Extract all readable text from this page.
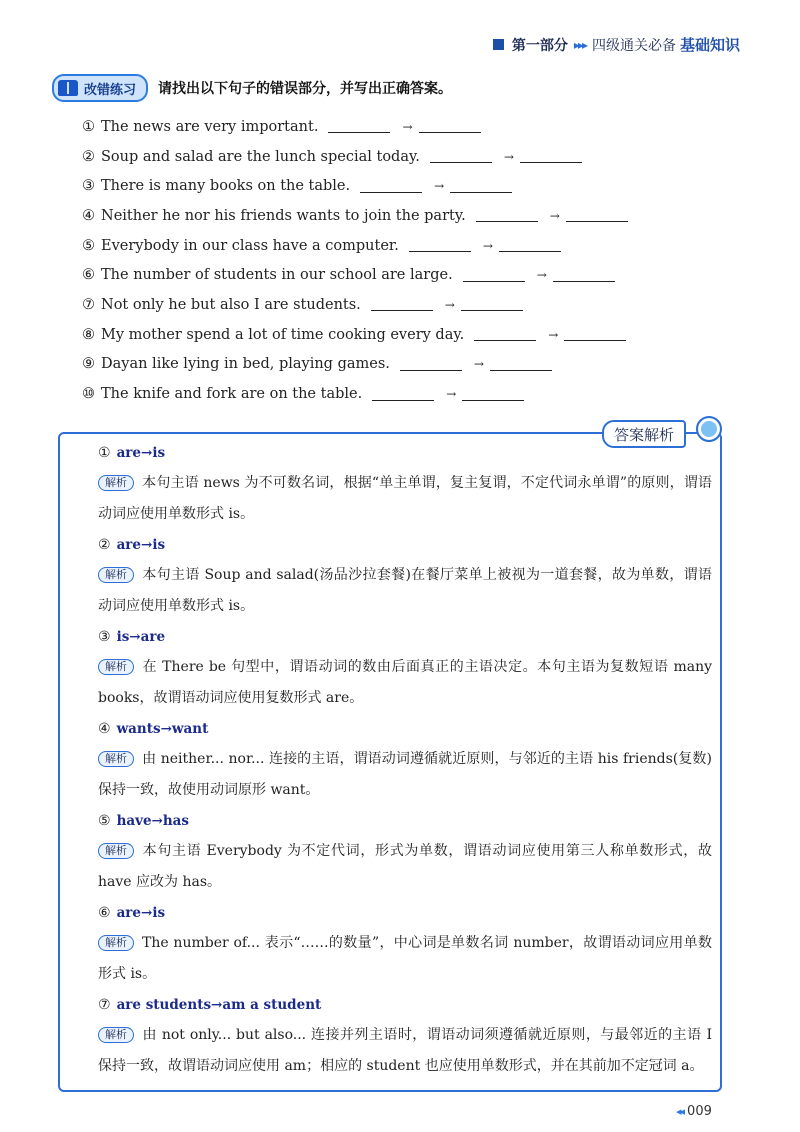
第一部分 ▸▸▸ 四级通关必备 基础知识
改错练习 请找出以下句子的错误部分，并写出正确答案。
① The news are very important.	→
② Soup and salad are the lunch special today.	→
③ There is many books on the table.	→
④ Neither he nor his friends wants to join the party.	→
⑤ Everybody in our class have a computer.	→
⑥ The number of students in our school are large.	→
⑦ Not only he but also I are students.	→
⑧ My mother spend a lot of time cooking every day.	→
⑨ Dayan like lying in bed, playing games.	→
⑩ The knife and fork are on the table.	→
答案解析
① are→is
解析 本句主语 news 为不可数名词，根据“单主单谓，复主复谓，不定代词永单谓”的原则，谓语动词应使用单数形式 is。
② are→is
解析 本句主语 Soup and salad(汤品沙拉套餐)在餐厅菜单上被视为一道套餐，故为单数，谓语动词应使用单数形式 is。
③ is→are
解析 在 There be 句型中，谓语动词的数由后面真正的主语决定。本句主语为复数短语 many books，故谓语动词应使用复数形式 are。
④ wants→want
解析 由 neither... nor... 连接的主语，谓语动词遵循就近原则，与邻近的主语 his friends(复数)保持一致，故使用动词原形 want。
⑤ have→has
解析 本句主语 Everybody 为不定代词，形式为单数，谓语动词应使用第三人称单数形式，故 have 应改为 has。
⑥ are→is
解析 The number of... 表示“……的数量”，中心词是单数名词 number，故谓语动词应用单数形式 is。
⑦ are students→am a student
解析 由 not only... but also... 连接并列主语时，谓语动词须遵循就近原则，与最邻近的主语 I 保持一致，故谓语动词应使用 am；相应的 student 也应使用单数形式，并在其前加不定冠词 a。
◂◂ 009
